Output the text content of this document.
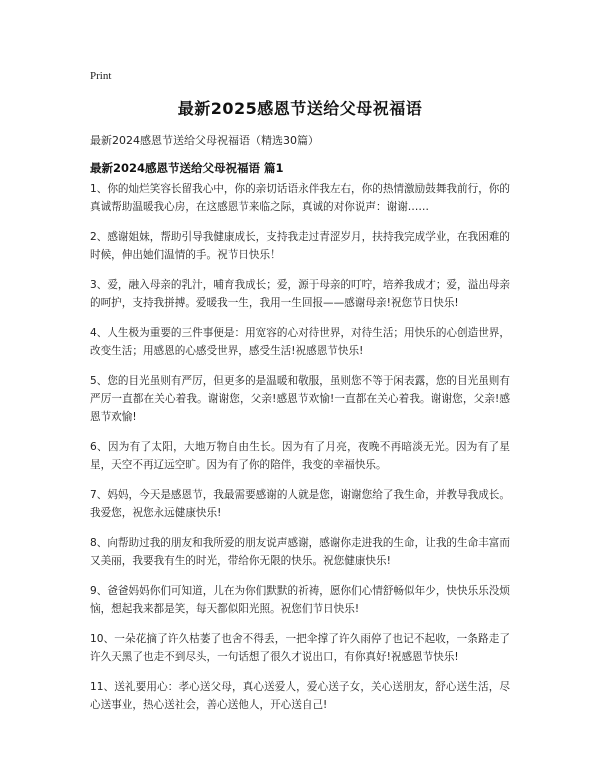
Print
最新2025感恩节送给父母祝福语
最新2024感恩节送给父母祝福语（精选30篇）
最新2024感恩节送给父母祝福语 篇1

1、你的灿烂笑容长留我心中，你的亲切话语永伴我左右，你的热情激励鼓舞我前行，你的真诚帮助温暖我心房，在这感恩节来临之际，真诚的对你说声：谢谢……

2、感谢姐妹，帮助引导我健康成长，支持我走过青涩岁月，扶持我完成学业，在我困难的时候，伸出她们温情的手。祝节日快乐！

3、爱，融入母亲的乳汁，哺育我成长；爱，源于母亲的叮咛，培养我成才；爱，溢出母亲的呵护，支持我拼搏。爱暖我一生，我用一生回报——感谢母亲!祝您节日快乐!

4、人生极为重要的三件事便是：用宽容的心对待世界，对待生活；用快乐的心创造世界，改变生活；用感恩的心感受世界，感受生活!祝感恩节快乐!

5、您的目光虽则有严厉，但更多的是温暖和敬服，虽则您不等于闲表露，您的目光虽则有严厉一直都在关心着我。谢谢您，父亲!感恩节欢愉!一直都在关心着我。谢谢您，父亲!感恩节欢愉!

6、因为有了太阳，大地万物自由生长。因为有了月亮，夜晚不再暗淡无光。因为有了星星，天空不再辽远空旷。因为有了你的陪伴，我变的幸福快乐。

7、妈妈，今天是感恩节，我最需要感谢的人就是您，谢谢您给了我生命，并教导我成长。我爱您，祝您永远健康快乐!

8、向帮助过我的朋友和我所爱的朋友说声感谢，感谢你走进我的生命，让我的生命丰富而又美丽，我要我有生的时光，带给你无限的快乐。祝您健康快乐!

9、爸爸妈妈你们可知道，儿在为你们默默的祈祷，愿你们心情舒畅似年少，快快乐乐没烦恼，想起我来都是笑，每天都似阳光照。祝您们节日快乐!

10、一朵花摘了许久枯萎了也舍不得丢，一把伞撑了许久雨停了也记不起收，一条路走了许久天黑了也走不到尽头，一句话想了很久才说出口，有你真好!祝感恩节快乐!

11、送礼要用心：孝心送父母，真心送爱人，爱心送子女，关心送朋友，舒心送生活，尽心送事业，热心送社会，善心送他人，开心送自己!
